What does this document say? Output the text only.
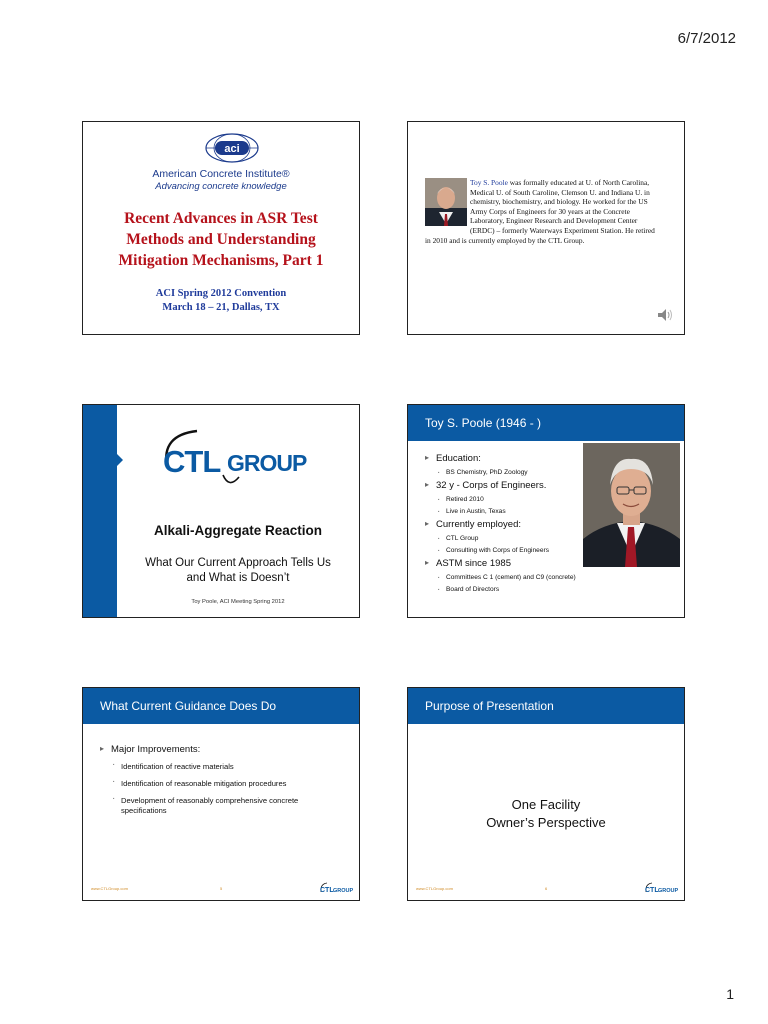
6/7/2012
aci
American Concrete Institute®
Advancing concrete knowledge
Recent Advances in ASR Test
Methods and Understanding
Mitigation Mechanisms, Part 1
ACI Spring 2012 Convention
March 18 – 21, Dallas, TX
Toy S. Poole was formally educated at U. of North Carolina, Medical U. of South Caroline, Clemson U. and Indiana U. in chemistry, biochemistry, and biology. He worked for the US Army Corps of Engineers for 30 years at the Concrete Laboratory, Engineer Research and Development Center (ERDC) – formerly Waterways Experiment Station. He retired in 2010 and is currently employed by the CTL Group.
CTL GROUP
Alkali-Aggregate Reaction
What Our Current Approach Tells Us
and What is Doesn’t
Toy Poole, ACI Meeting Spring 2012
Toy S. Poole (1946 - )
▸ Education:
· BS Chemistry, PhD Zoology
▸ 32 y - Corps of Engineers.
· Retired 2010
· Live in Austin, Texas
▸ Currently employed:
· CTL Group
· Consulting with Corps of Engineers
▸ ASTM since 1985
· Committees C 1 (cement) and C9 (concrete)
· Board of Directors
What Current Guidance Does Do
▸ Major Improvements:
· Identification of reactive materials
· Identification of reasonable mitigation procedures
· Development of reasonably comprehensive concrete specifications
www.CTLGroup.com	5	CTL GROUP
Purpose of Presentation
One Facility
Owner’s Perspective
www.CTLGroup.com	6	CTL GROUP
1
